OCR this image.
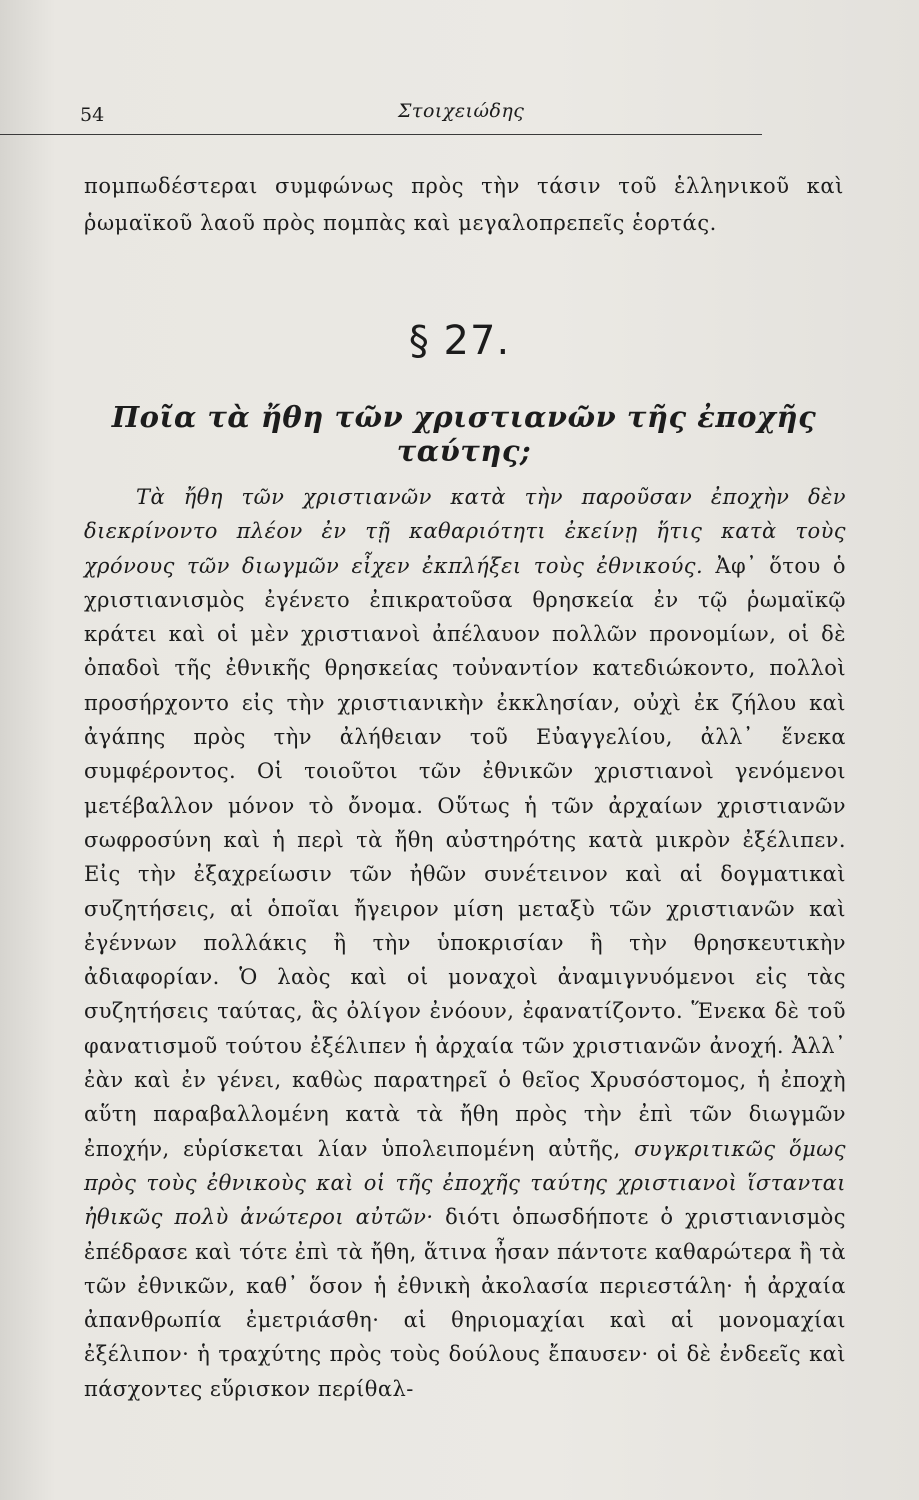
54	Στοιχειώδης
πομπωδέστεραι συμφώνως πρὸς τὴν τάσιν τοῦ ἑλληνικοῦ καὶ ῥωμαϊκοῦ λαοῦ πρὸς πομπὰς καὶ μεγαλοπρεπεῖς ἑορτάς.
§ 27.
Ποῖα τὰ ἤθη τῶν χριστιανῶν τῆς ἐποχῆς ταύτης;

Τὰ ἤθη τῶν χριστιανῶν κατὰ τὴν παροῦσαν ἐποχὴν δὲν διεκρίνοντο πλέον ἐν τῇ καθαριότητι ἐκείνῃ ἥτις κατὰ τοὺς χρόνους τῶν διωγμῶν εἶχεν ἐκπλήξει τοὺς ἐθνικούς. Ἀφ᾽ ὅτου ὁ χριστιανισμὸς ἐγένετο ἐπικρατοῦσα θρησκεία ἐν τῷ ῥωμαϊκῷ κράτει καὶ οἱ μὲν χριστιανοὶ ἀπέλαυον πολλῶν προνομίων, οἱ δὲ ὀπαδοὶ τῆς ἐθνικῆς θρησκείας τοὐναντίον κατεδιώκοντο, πολλοὶ προσήρχοντο εἰς τὴν χριστιανικὴν ἐκκλησίαν, οὐχὶ ἐκ ζήλου καὶ ἀγάπης πρὸς τὴν ἀλήθειαν τοῦ Εὐαγγελίου, ἀλλ᾽ ἕνεκα συμφέροντος. Οἱ τοιοῦτοι τῶν ἐθνικῶν χριστιανοὶ γενόμενοι μετέβαλλον μόνον τὸ ὄνομα. Οὕτως ἡ τῶν ἀρχαίων χριστιανῶν σωφροσύνη καὶ ἡ περὶ τὰ ἤθη αὐστηρότης κατὰ μικρὸν ἐξέλιπεν. Εἰς τὴν ἐξαχρείωσιν τῶν ἠθῶν συνέτεινον καὶ αἱ δογματικαὶ συζητήσεις, αἱ ὁποῖαι ἤγειρον μίση μεταξὺ τῶν χριστιανῶν καὶ ἐγέννων πολλάκις ἢ τὴν ὑποκρισίαν ἢ τὴν θρησκευτικὴν ἀδιαφορίαν. Ὁ λαὸς καὶ οἱ μοναχοὶ ἀναμιγνυόμενοι εἰς τὰς συζητήσεις ταύτας, ἃς ὀλίγον ἐνόουν, ἐφανατίζοντο. Ἕνεκα δὲ τοῦ φανατισμοῦ τούτου ἐξέλιπεν ἡ ἀρχαία τῶν χριστιανῶν ἀνοχή. Ἀλλ᾽ ἐὰν καὶ ἐν γένει, καθὼς παρατηρεῖ ὁ θεῖος Χρυσόστομος, ἡ ἐποχὴ αὕτη παραβαλλομένη κατὰ τὰ ἤθη πρὸς τὴν ἐπὶ τῶν διωγμῶν ἐποχήν, εὑρίσκεται λίαν ὑπολειπομένη αὐτῆς, συγκριτικῶς ὅμως πρὸς τοὺς ἐθνικοὺς καὶ οἱ τῆς ἐποχῆς ταύτης χριστιανοὶ ἵστανται ἠθικῶς πολὺ ἀνώτεροι αὐτῶν· διότι ὁπωσδήποτε ὁ χριστιανισμὸς ἐπέδρασε καὶ τότε ἐπὶ τὰ ἤθη, ἅτινα ἦσαν πάντοτε καθαρώτερα ἢ τὰ τῶν ἐθνικῶν, καθ᾽ ὅσον ἡ ἐθνικὴ ἀκολασία περιεστάλη· ἡ ἀρχαία ἀπανθρωπία ἐμετριάσθη· αἱ θηριομαχίαι καὶ αἱ μονομαχίαι ἐξέλιπον· ἡ τραχύτης πρὸς τοὺς δούλους ἔπαυσεν· οἱ δὲ ἐνδεεῖς καὶ πάσχοντες εὕρισκον περίθαλ-
